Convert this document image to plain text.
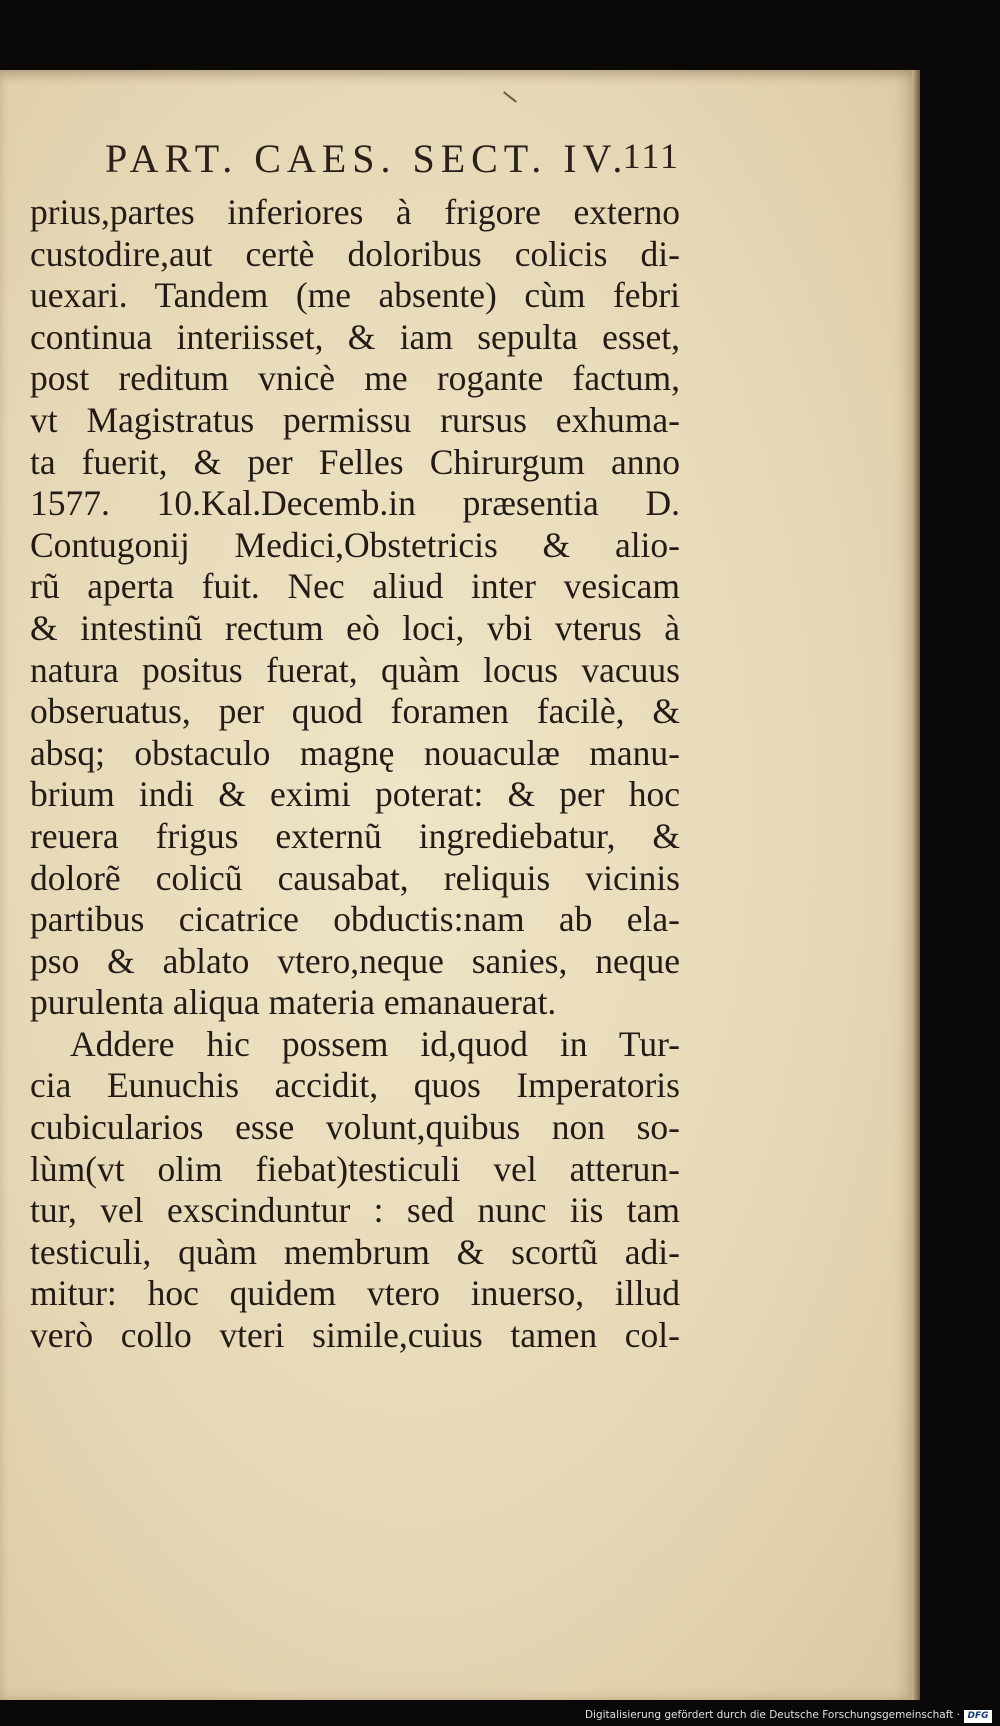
PART. CAES. SECT. IV.
111
prius,partes inferiores à frigore externo
custodire,aut certè doloribus colicis di-
uexari. Tandem (me absente) cùm febri
continua interiisset, & iam sepulta esset,
post reditum vnicè me rogante factum,
vt Magistratus permissu rursus exhuma-
ta fuerit, & per Felles Chirurgum anno
1577. 10.Kal.Decemb.in præsentia D.
Contugonij Medici,Obstetricis & alio-
rũ aperta fuit. Nec aliud inter vesicam
& intestinũ rectum eò loci, vbi vterus à
natura positus fuerat, quàm locus vacuus
obseruatus, per quod foramen facilè, &
absq; obstaculo magnę nouaculæ manu-
brium indi & eximi poterat: & per hoc
reuera frigus externũ ingrediebatur, &
dolorẽ colicũ causabat, reliquis vicinis
partibus cicatrice obductis:nam ab ela-
pso & ablato vtero,neque sanies, neque
purulenta aliqua materia emanauerat.
Addere hic possem id,quod in Tur-
cia Eunuchis accidit, quos Imperatoris
cubicularios esse volunt,quibus non so-
lùm(vt olim fiebat)testiculi vel atterun-
tur, vel exscinduntur : sed nunc iis tam
testiculi, quàm membrum & scortũ adi-
mitur: hoc quidem vtero inuerso, illud
verò collo vteri simile,cuius tamen col-
Digitalisierung gefördert durch die Deutsche Forschungsgemeinschaft · DFG
